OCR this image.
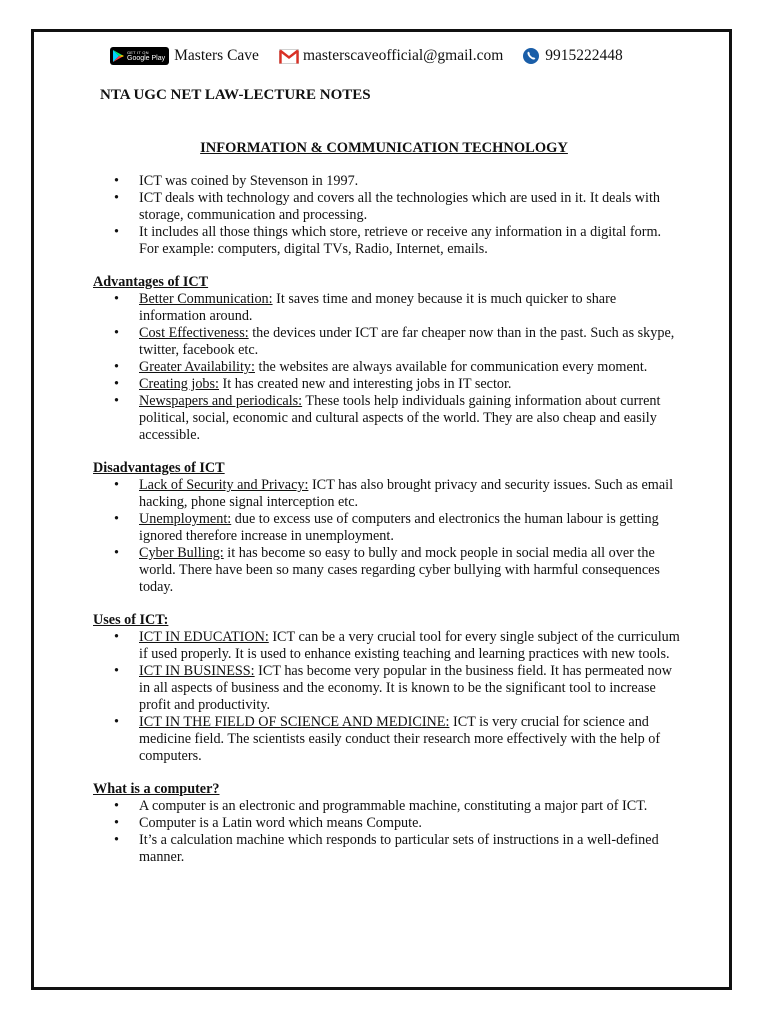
GET IT ON
Google Play Masters Cave	masterscaveofficial@gmail.com	9915222448
NTA UGC NET LAW-LECTURE NOTES
INFORMATION & COMMUNICATION TECHNOLOGY
• ICT was coined by Stevenson in 1997.
• ICT deals with technology and covers all the technologies which are used in it. It deals with storage, communication and processing.
• It includes all those things which store, retrieve or receive any information in a digital form. For example: computers, digital TVs, Radio, Internet, emails.
Advantages of ICT
• Better Communication: It saves time and money because it is much quicker to share information around.
• Cost Effectiveness: the devices under ICT are far cheaper now than in the past. Such as skype, twitter, facebook etc.
• Greater Availability: the websites are always available for communication every moment.
• Creating jobs: It has created new and interesting jobs in IT sector.
• Newspapers and periodicals: These tools help individuals gaining information about current political, social, economic and cultural aspects of the world. They are also cheap and easily accessible.
Disadvantages of ICT
• Lack of Security and Privacy: ICT has also brought privacy and security issues. Such as email hacking, phone signal interception etc.
• Unemployment: due to excess use of computers and electronics the human labour is getting ignored therefore increase in unemployment.
• Cyber Bulling: it has become so easy to bully and mock people in social media all over the world. There have been so many cases regarding cyber bullying with harmful consequences today.
Uses of ICT:
• ICT IN EDUCATION: ICT can be a very crucial tool for every single subject of the curriculum if used properly. It is used to enhance existing teaching and learning practices with new tools.
• ICT IN BUSINESS: ICT has become very popular in the business field. It has permeated now in all aspects of business and the economy. It is known to be the significant tool to increase profit and productivity.
• ICT IN THE FIELD OF SCIENCE AND MEDICINE: ICT is very crucial for science and medicine field. The scientists easily conduct their research more effectively with the help of computers.
What is a computer?
• A computer is an electronic and programmable machine, constituting a major part of ICT.
• Computer is a Latin word which means Compute.
• It’s a calculation machine which responds to particular sets of instructions in a well-defined manner.
